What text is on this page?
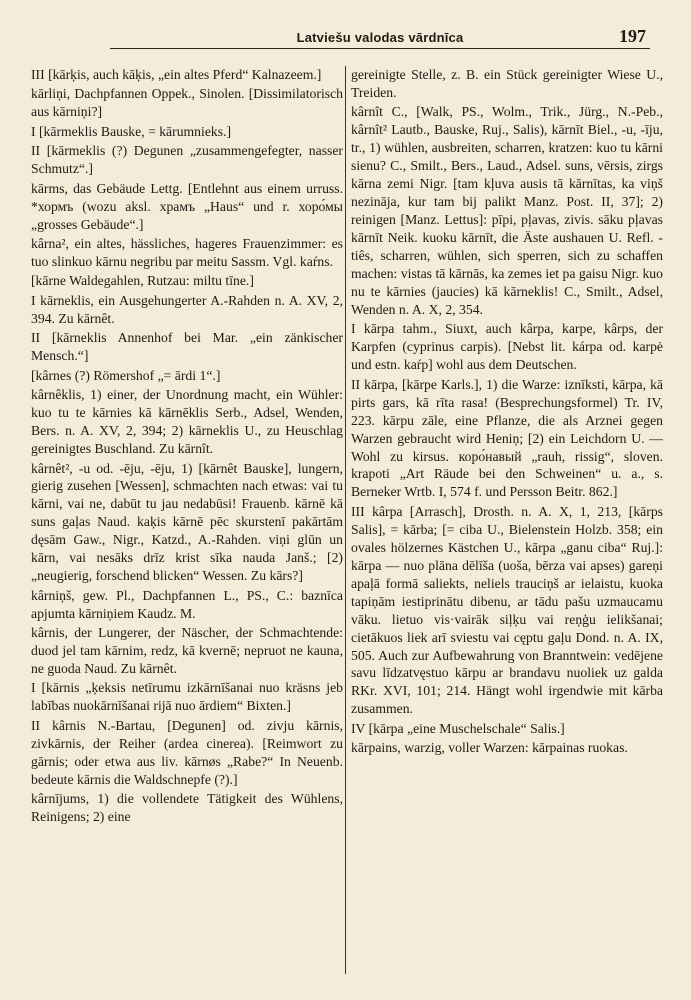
Latviešu valodas vārdnīca	197

III [kārķis, auch kāķis, „ein altes Pferd“ Kalnazeem.]

kārliņi, Dachpfannen Oppek., Sinolen. [Dissimilatorisch aus kārniņi?]

I [kārmeklis Bauske, = kārumnieks.]

II [kārmeklis (?) Degunen „zusammengefegter, nasser Schmutz“.]

kārms, das Gebäude Lettg. [Entlehnt aus einem urruss. *хормъ (wozu aksl. храмъ „Haus“ und r. хоро́мы „grosses Gebäude“.]

kârna², ein altes, hässliches, hageres Frauenzimmer: es tuo slinkuo kārnu negribu par meitu Sassm. Vgl. kaŕns.

[kārne Waldegahlen, Rutzau: miltu tīne.]

I kārneklis, ein Ausgehungerter A.-Rahden n. A. XV, 2, 394. Zu kārnêt.

II [kārneklis Annenhof bei Mar. „ein zänkischer Mensch.“]

[kârnes (?) Römershof „= ārdi 1“.]

kârnêklis, 1) einer, der Unordnung macht, ein Wühler: kuo tu te kārnies kā kārnēklis Serb., Adsel, Wenden, Bers. n. A. XV, 2, 394; 2) kārneklis U., zu Heuschlag gereinigtes Buschland. Zu kārnît.

kârnêt², -u od. -ēju, -ēju, 1) [kārnêt Bauske], lungern, gierig zusehen [Wessen], schmachten nach etwas: vai tu kārni, vai ne, dabūt tu jau nedabūsi! Frauenb. kārnē kā suns gaļas Naud. kaķis kārnē pēc skurstenī pakārtām dęsām Gaw., Nigr., Katzd., A.-Rahden. viņi glūn un kārn, vai nesāks drīz krist sīka nauda Janš.; [2) „neugierig, forschend blicken“ Wessen. Zu kārs?]

kârniņš, gew. Pl., Dachpfannen L., PS., C.: baznīca apjumta kārniņiem Kaudz. M.

kârnis, der Lungerer, der Näscher, der Schmachtende: duod jel tam kārnim, redz, kā kvernē; nepruot ne kauna, ne guoda Naud. Zu kārnêt.

I [kārnis „ķeksis netīrumu izkārnīšanai nuo kräsns jeb labības nuokārnīšanai rijā nuo ārdiem“ Bixten.]

II kârnis N.-Bartau, [Degunen] od. zivju kārnis, zivkārnis, der Reiher (ardea cinerea). [Reimwort zu gārnis; oder etwa aus liv. kārnøs „Rabe?“ In Neuenb. bedeute kārnis die Waldschnepfe (?).]

kârnījums, 1) die vollendete Tätigkeit des Wühlens, Reinigens; 2) eine

gereinigte Stelle, z. B. ein Stück gereinigter Wiese U., Treiden.

kârnît C., [Walk, PS., Wolm., Trik., Jürg., N.-Peb., kârnît² Lautb., Bauske, Ruj., Salis), kārnīt Biel., -u, -īju, tr., 1) wühlen, ausbreiten, scharren, kratzen: kuo tu kārni sienu? C., Smilt., Bers., Laud., Adsel. suns, vērsis, zirgs kārna zemi Nigr. [tam kļuva ausis tā kārnītas, ka viņš nezināja, kur tam bij palikt Manz. Post. II, 37]; 2) reinigen [Manz. Lettus]: pīpi, pļavas, zivis. sāku pļavas kārnīt Neik. kuoku kārnīt, die Äste aushauen U. Refl. -tiês, scharren, wühlen, sich sperren, sich zu schaffen machen: vistas tā kārnās, ka zemes iet pa gaisu Nigr. kuo nu te kārnies (jaucies) kā kārneklis! C., Smilt., Adsel, Wenden n. A. X, 2, 354.

I kārpa tahm., Siuxt, auch kârpa, karpe, kârps, der Karpfen (cyprinus carpis). [Nebst lit. kárpa od. karpė und estn. kaŕp] wohl aus dem Deutschen.

II kārpa, [kārpe Karls.], 1) die Warze: iznīksti, kārpa, kā pirts gars, kā rīta rasa! (Besprechungsformel) Tr. IV, 223. kārpu zāle, eine Pflanze, die als Arznei gegen Warzen gebraucht wird Heniņ; [2) ein Leichdorn U. — Wohl zu kirsus. коро́навый „rauh, rissig“, sloven. krapoti „Art Räude bei den Schweinen“ u. a., s. Berneker Wrtb. I, 574 f. und Persson Beitr. 862.]

III kârpa [Arrasch], Drosth. n. A. X, 1, 213, [kārps Salis], = kārba; [= ciba U., Bielenstein Holzb. 358; ein ovales hölzernes Kästchen U., kārpa „ganu ciba“ Ruj.]: kārpa — nuo plāna dēlīša (uoša, bērza vai apses) gareņi apaļā formā saliekts, neliels trauciņš ar ielaistu, kuoka tapiņām iestiprinātu dibenu, ar tādu pašu uzmaucamu vāku. lietuo vis·vairāk siļķu vai reņģu ielikšanai; cietākuos liek arī sviestu vai cęptu gaļu Dond. n. A. IX, 505. Auch zur Aufbewahrung von Branntwein: vedējene savu līdzatvęstuo kārpu ar brandavu nuoliek uz galda RKr. XVI, 101; 214. Hängt wohl irgendwie mit kārba zusammen.

IV [kārpa „eine Muschelschale“ Salis.]

kārpains, warzig, voller Warzen: kārpainas ruokas.
